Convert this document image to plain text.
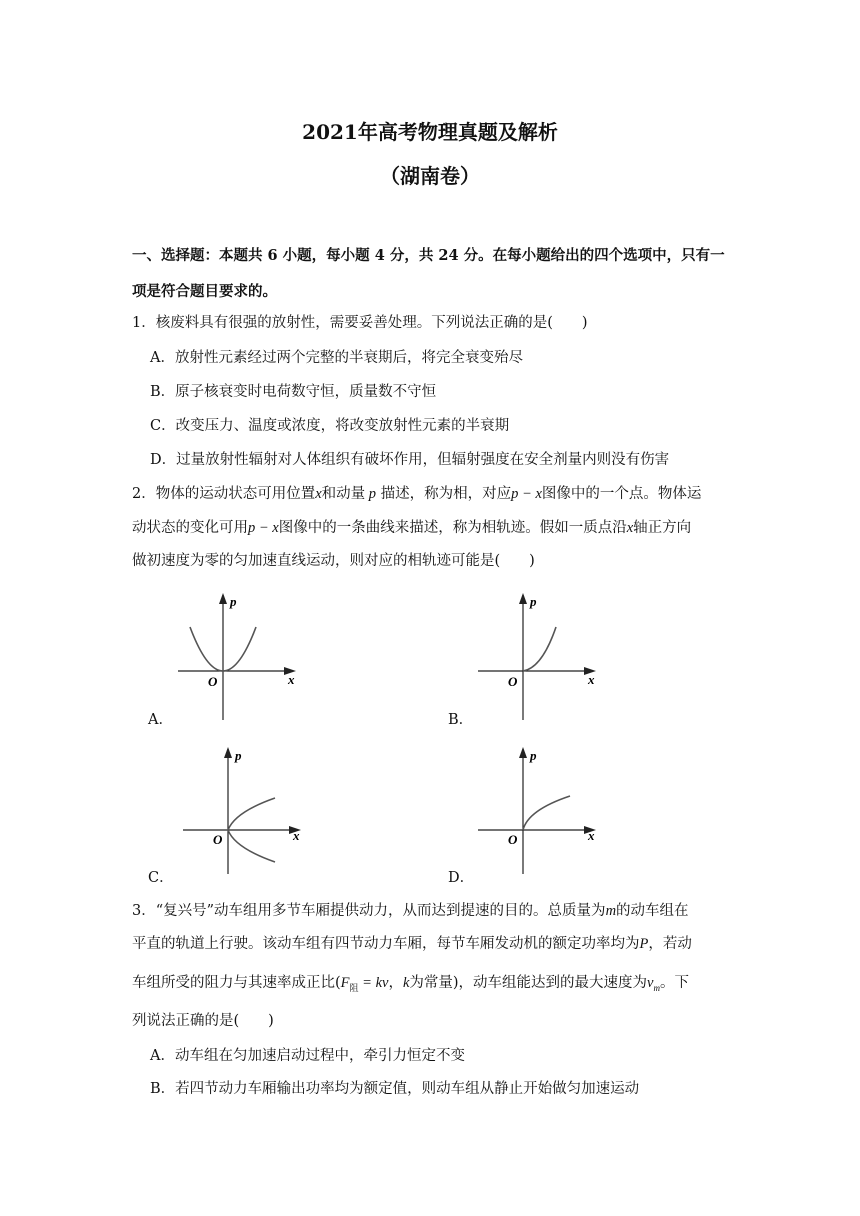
2021年高考物理真题及解析
（湖南卷）
一、选择题：本题共 6 小题，每小题 4 分，共 24 分。在每小题给出的四个选项中，只有一
项是符合题目要求的。
1．核废料具有很强的放射性，需要妥善处理。下列说法正确的是(　　)
A．放射性元素经过两个完整的半衰期后，将完全衰变殆尽
B．原子核衰变时电荷数守恒，质量数不守恒
C．改变压力、温度或浓度，将改变放射性元素的半衰期
D．过量放射性辐射对人体组织有破坏作用，但辐射强度在安全剂量内则没有伤害
2．物体的运动状态可用位置x和动量 p 描述，称为相，对应p − x图像中的一个点。物体运
动状态的变化可用p − x图像中的一条曲线来描述，称为相轨迹。假如一质点沿x轴正方向
做初速度为零的匀加速直线运动，则对应的相轨迹可能是(　　)
p
x
O
A．
p
x
O
B．
p
x
O
C．
p
x
O
D．
3．“复兴号”动车组用多节车厢提供动力，从而达到提速的目的。总质量为m的动车组在
平直的轨道上行驶。该动车组有四节动力车厢，每节车厢发动机的额定功率均为P，若动
车组所受的阻力与其速率成正比($F_阻$ = kv，k为常量)，动车组能达到的最大速度为$v_m$。下
列说法正确的是(　　)
A．动车组在匀加速启动过程中，牵引力恒定不变
B．若四节动力车厢输出功率均为额定值，则动车组从静止开始做匀加速运动
